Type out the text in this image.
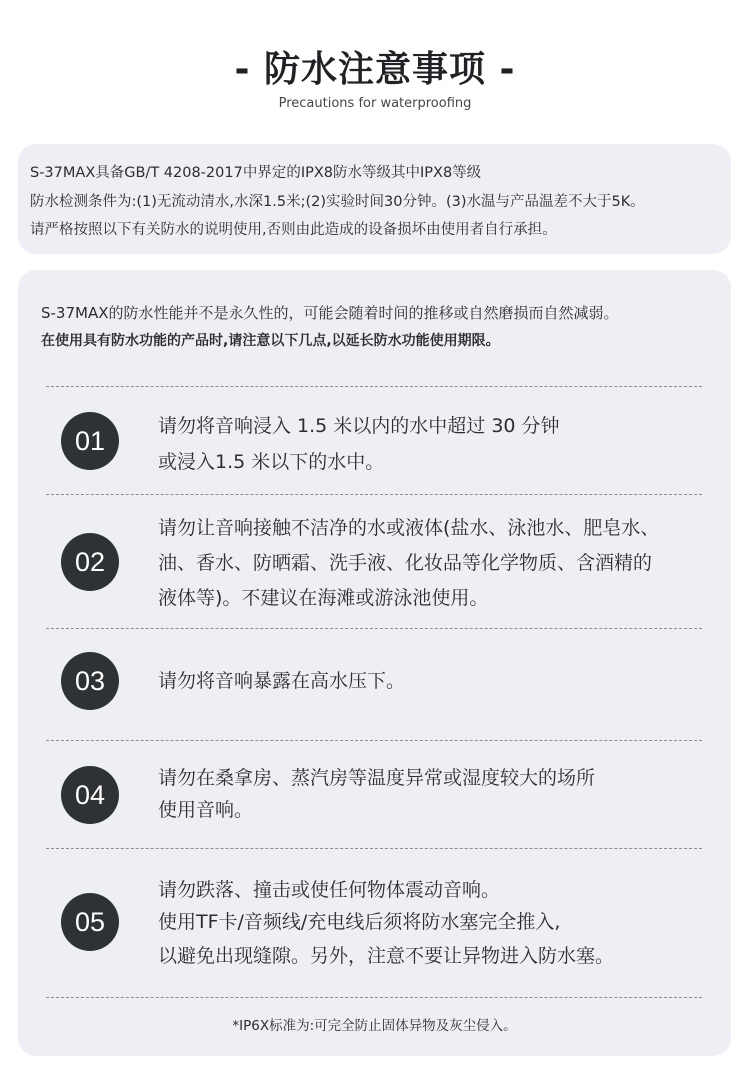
- 防水注意事项 -
Precautions for waterproofing
S-37MAX具备GB/T 4208-2017中界定的IPX8防水等级其中IPX8等级
防水检测条件为:(1)无流动清水,水深1.5米;(2)实验时间30分钟。(3)水温与产品温差不大于5K。
请严格按照以下有关防水的说明使用,否则由此造成的设备损坏由使用者自行承担。
S-37MAX的防水性能并不是永久性的，可能会随着时间的推移或自然磨损而自然减弱。
在使用具有防水功能的产品时,请注意以下几点,以延长防水功能使用期限。
01	请勿将音响浸入 1.5 米以内的水中超过 30 分钟
或浸入1.5 米以下的水中。
02
请勿让音响接触不洁净的水或液体(盐水、泳池水、肥皂水、
油、香水、防晒霜、洗手液、化妆品等化学物质、含酒精的
液体等)。不建议在海滩或游泳池使用。
03	请勿将音响暴露在高水压下。
04
请勿在桑拿房、蒸汽房等温度异常或湿度较大的场所
使用音响。
05
请勿跌落、撞击或使任何物体震动音响。
使用TF卡/音频线/充电线后须将防水塞完全推入,
以避免出现缝隙。另外，注意不要让异物进入防水塞。
*IP6X标准为:可完全防止固体异物及灰尘侵入。
